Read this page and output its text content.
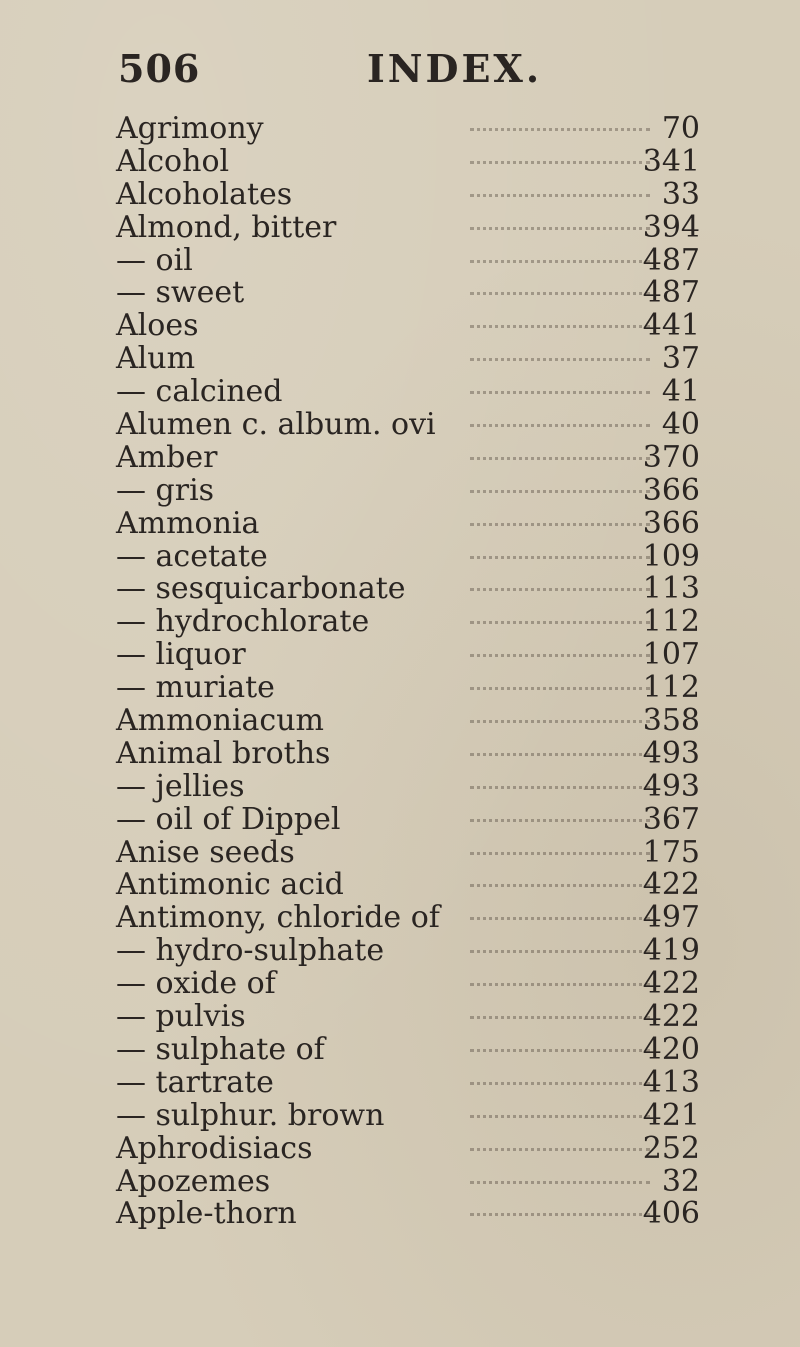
506	INDEX.
Agrimony	70
Alcohol	341
Alcoholates	33
Almond, bitter	394
— oil	487
— sweet	487
Aloes	441
Alum	37
— calcined	41
Alumen c. album. ovi	40
Amber	370
— gris	366
Ammonia	366
— acetate	109
— sesquicarbonate	113
— hydrochlorate	112
— liquor	107
— muriate	112
Ammoniacum	358
Animal broths	493
— jellies	493
— oil of Dippel	367
Anise seeds	175
Antimonic acid	422
Antimony, chloride of	497
— hydro-sulphate	419
— oxide of	422
— pulvis	422
— sulphate of	420
— tartrate	413
— sulphur. brown	421
Aphrodisiacs	252
Apozemes	32
Apple-thorn	406
